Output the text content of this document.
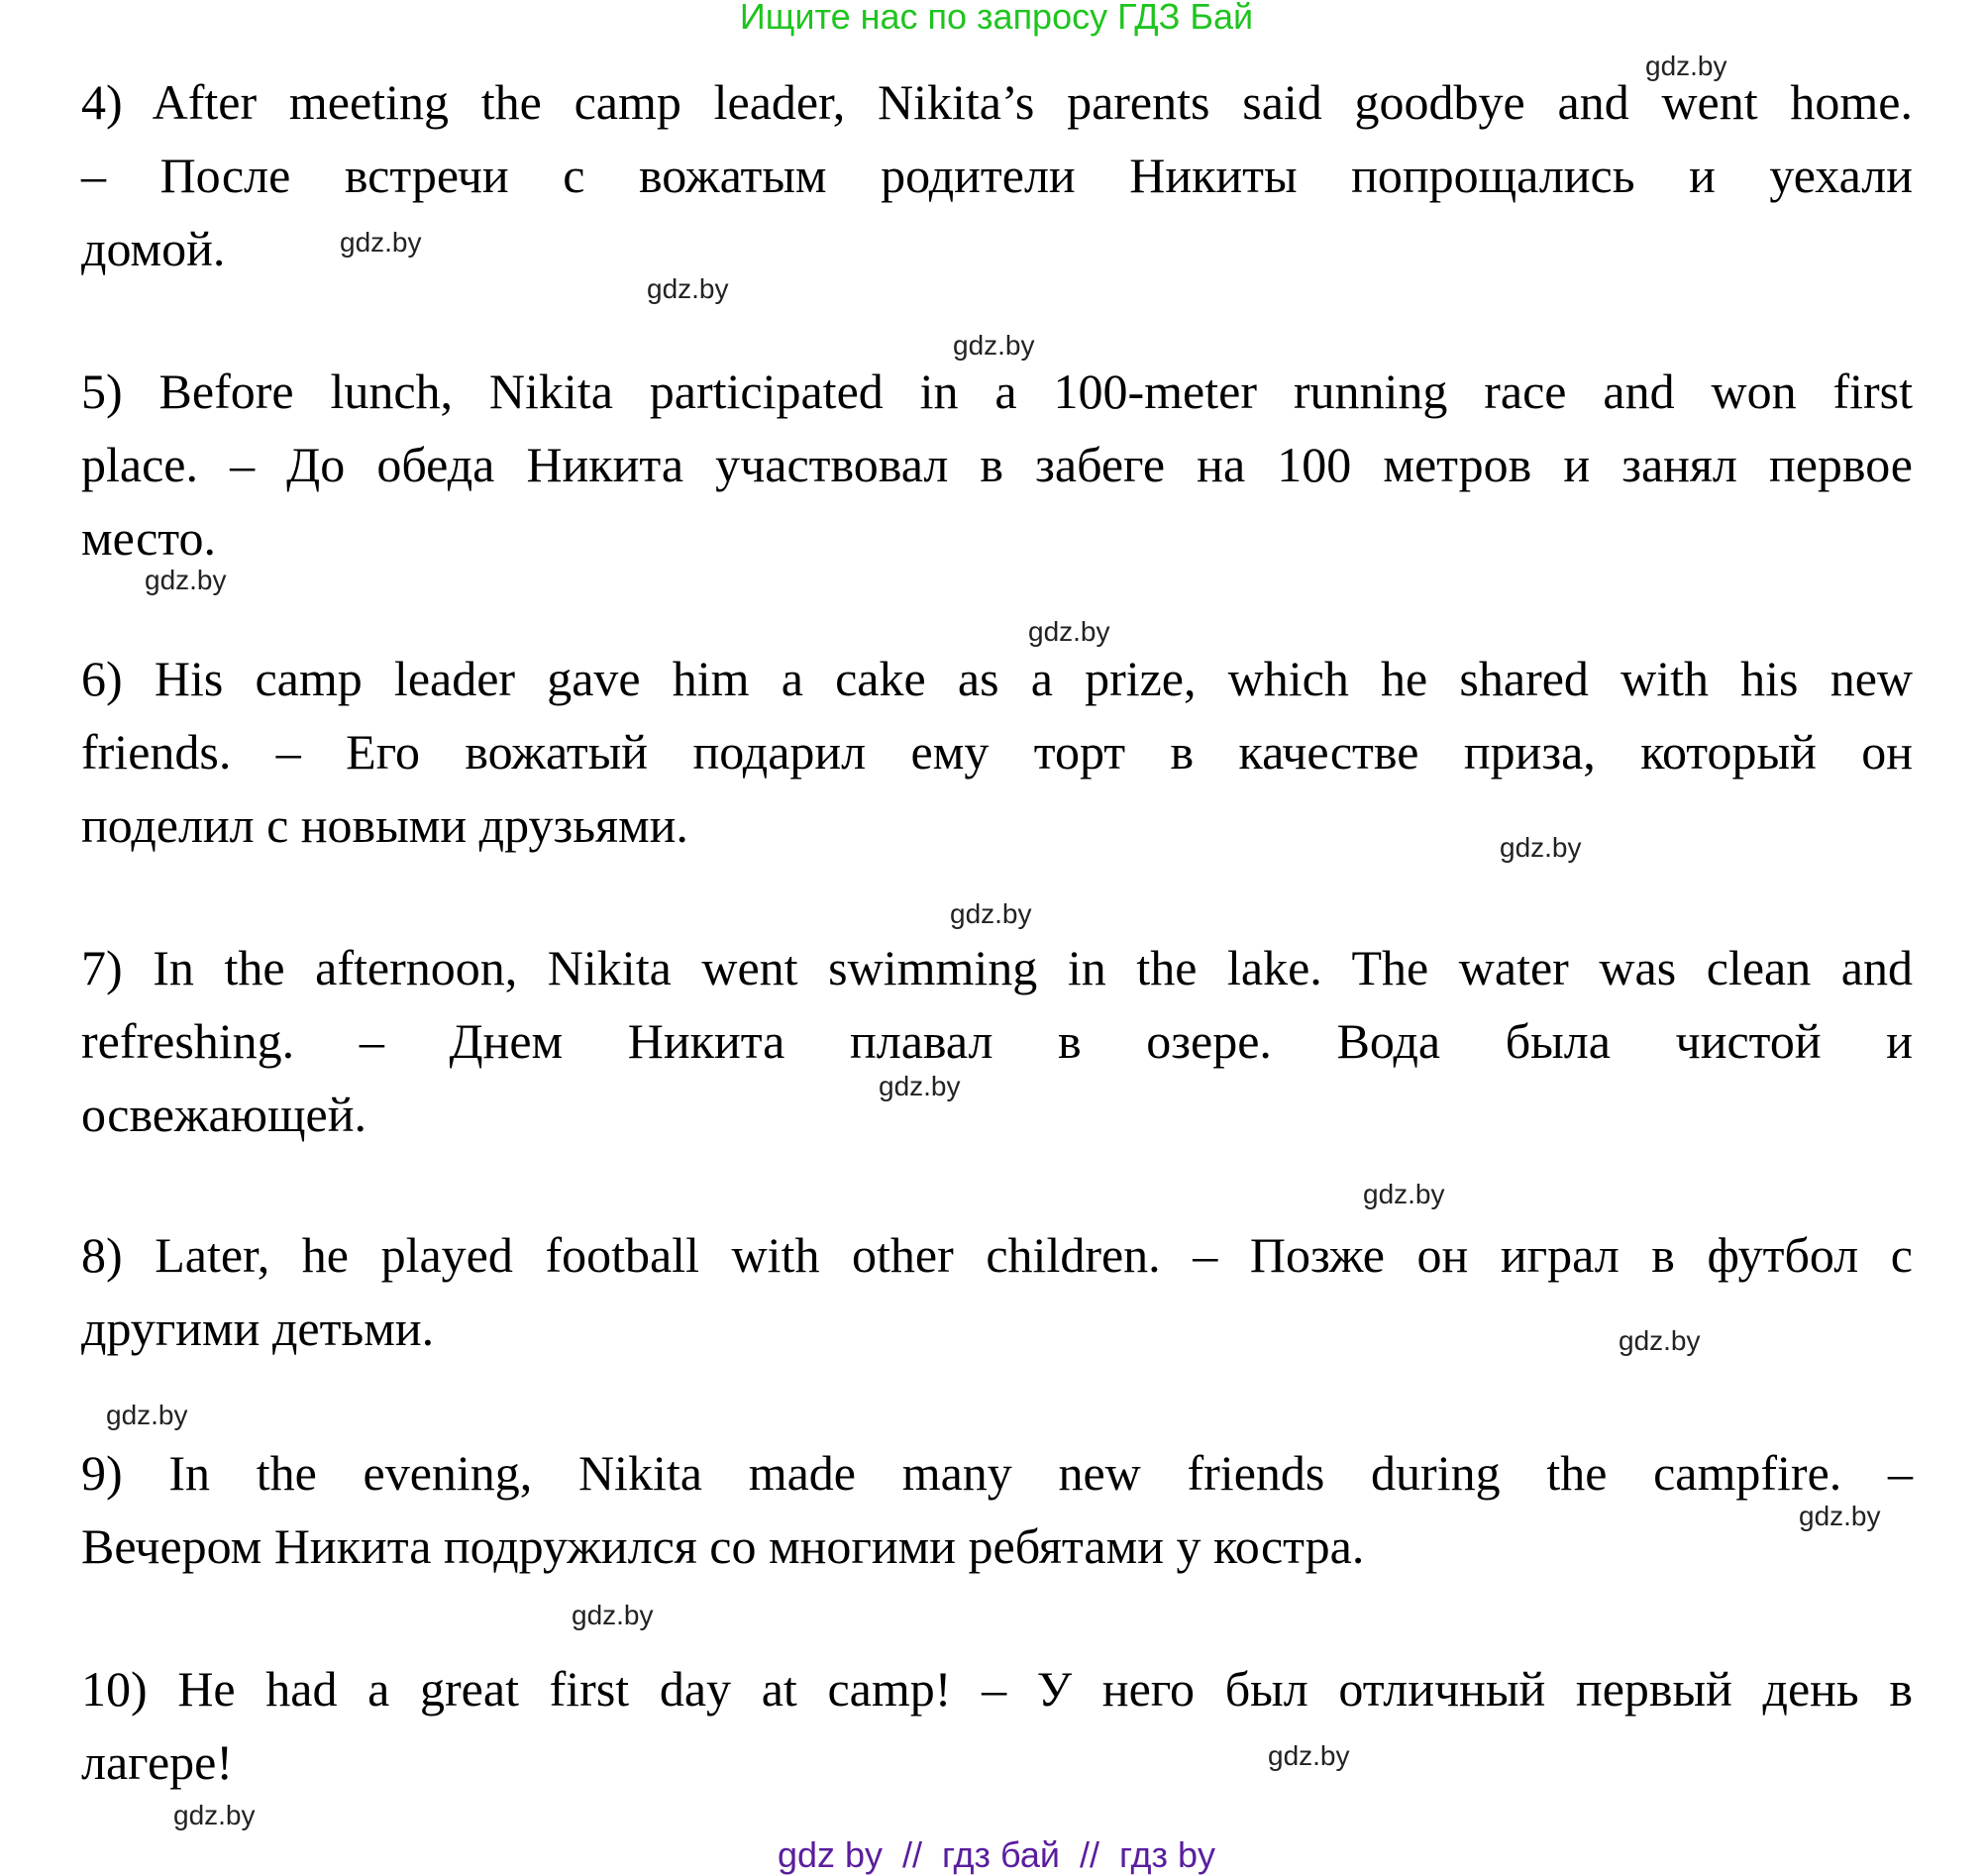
Ищите нас по запросу ГДЗ Бай
4) After meeting the camp leader, Nikita’s parents said goodbye and went home.
– После встречи с вожатым родители Никиты попрощались и уехали
домой.
5) Before lunch, Nikita participated in a 100-meter running race and won first
place. – До обеда Никита участвовал в забеге на 100 метров и занял первое
место.
6) His camp leader gave him a cake as a prize, which he shared with his new
friends. – Его вожатый подарил ему торт в качестве приза, который он
поделил с новыми друзьями.
7) In the afternoon, Nikita went swimming in the lake. The water was clean and
refreshing. – Днем Никита плавал в озере. Вода была чистой и
освежающей.
8) Later, he played football with other children. – Позже он играл в футбол с
другими детьми.
9) In the evening, Nikita made many new friends during the campfire. –
Вечером Никита подружился со многими ребятами у костра.
10) He had a great first day at camp! – У него был отличный первый день в
лагере!
gdz.by
gdz.by
gdz.by
gdz.by
gdz.by
gdz.by
gdz.by
gdz.by
gdz.by
gdz.by
gdz.by
gdz.by
gdz.by
gdz.by
gdz.by
gdz.by
gdz by  //  гдз бай  //  гдз by
